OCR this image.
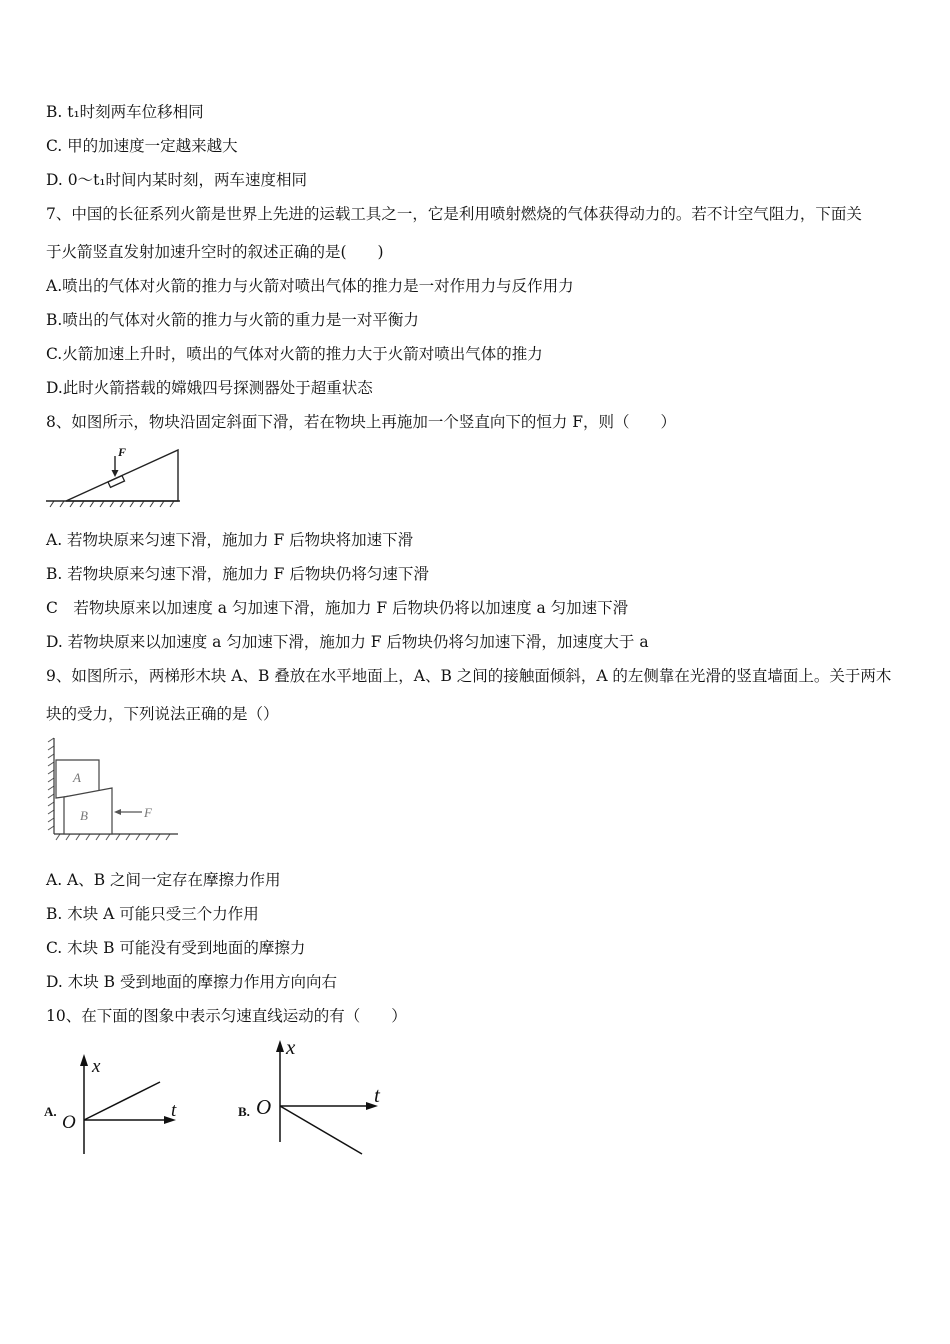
B. t₁时刻两车位移相同
C. 甲的加速度一定越来越大
D. 0～t₁时间内某时刻，两车速度相同
7、中国的长征系列火箭是世界上先进的运载工具之一，它是利用喷射燃烧的气体获得动力的。若不计空气阻力，下面关
于火箭竖直发射加速升空时的叙述正确的是(　　)
A.喷出的气体对火箭的推力与火箭对喷出气体的推力是一对作用力与反作用力
B.喷出的气体对火箭的推力与火箭的重力是一对平衡力
C.火箭加速上升时，喷出的气体对火箭的推力大于火箭对喷出气体的推力
D.此时火箭搭载的嫦娥四号探测器处于超重状态
8、如图所示，物块沿固定斜面下滑，若在物块上再施加一个竖直向下的恒力 F，则（　　）
F
A. 若物块原来匀速下滑，施加力 F 后物块将加速下滑
B. 若物块原来匀速下滑，施加力 F 后物块仍将匀速下滑
C　若物块原来以加速度 a 匀加速下滑，施加力 F 后物块仍将以加速度 a 匀加速下滑
D. 若物块原来以加速度 a 匀加速下滑，施加力 F 后物块仍将匀加速下滑，加速度大于 a
9、如图所示，两梯形木块 A、B 叠放在水平地面上，A、B 之间的接触面倾斜，A 的左侧靠在光滑的竖直墙面上。关于两木
块的受力，下列说法正确的是（）
A
B	F
A. A、B 之间一定存在摩擦力作用
B. 木块 A 可能只受三个力作用
C. 木块 B 可能没有受到地面的摩擦力
D. 木块 B 受到地面的摩擦力作用方向向右
10、在下面的图象中表示匀速直线运动的有（　　）
A.
O
x
t	B. O
x
t
